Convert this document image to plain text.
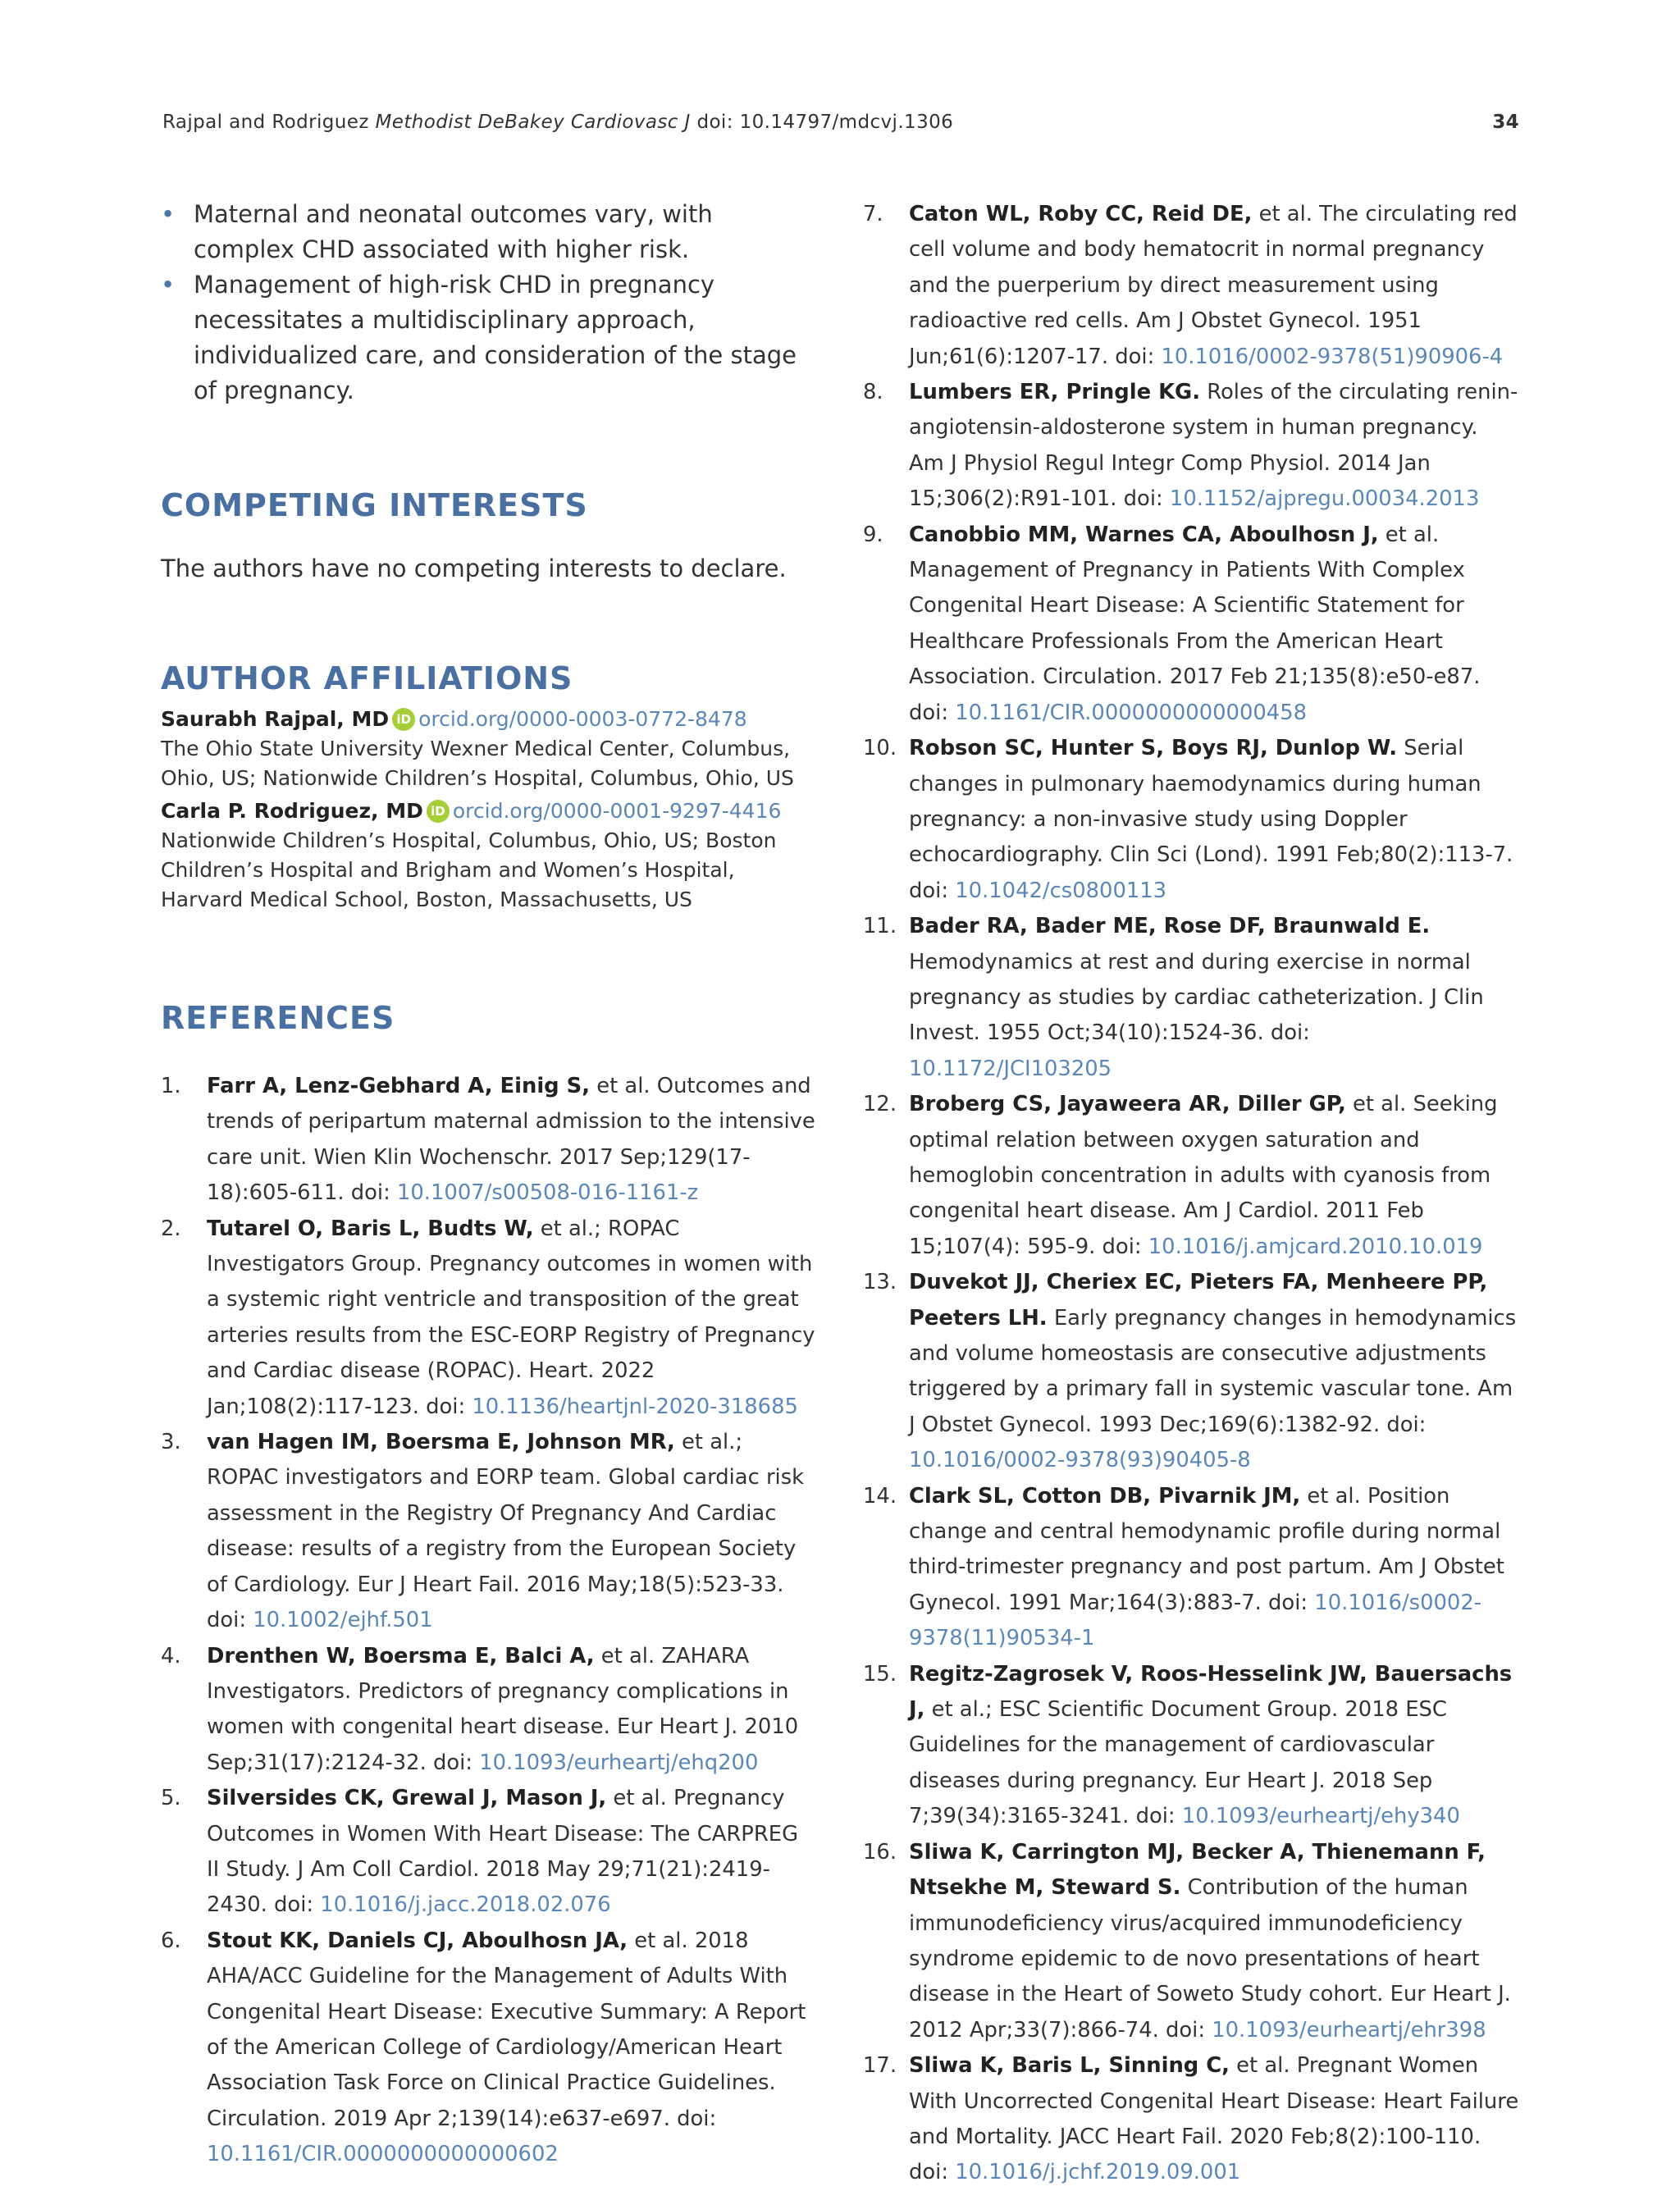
Rajpal and Rodriguez Methodist DeBakey Cardiovasc J doi: 10.14797/mdcvj.1306	34
• Maternal and neonatal outcomes vary, with complex CHD associated with higher risk.
• Management of high-risk CHD in pregnancy necessitates a multidisciplinary approach, individualized care, and consideration of the stage of pregnancy.
COMPETING INTERESTS
The authors have no competing interests to declare.
AUTHOR AFFILIATIONS
Saurabh Rajpal, MD iD orcid.org/0000-0003-0772-8478
The Ohio State University Wexner Medical Center, Columbus, Ohio, US; Nationwide Children’s Hospital, Columbus, Ohio, US
Carla P. Rodriguez, MD iD orcid.org/0000-0001-9297-4416
Nationwide Children’s Hospital, Columbus, Ohio, US; Boston Children’s Hospital and Brigham and Women’s Hospital, Harvard Medical School, Boston, Massachusetts, US
REFERENCES
1. Farr A, Lenz-Gebhard A, Einig S, et al. Outcomes and trends of peripartum maternal admission to the intensive care unit. Wien Klin Wochenschr. 2017 Sep;129(17-18):605-611. doi: 10.1007/s00508-016-1161-z
2. Tutarel O, Baris L, Budts W, et al.; ROPAC Investigators Group. Pregnancy outcomes in women with a systemic right ventricle and transposition of the great arteries results from the ESC-EORP Registry of Pregnancy and Cardiac disease (ROPAC). Heart. 2022 Jan;108(2):117-123. doi: 10.1136/heartjnl-2020-318685
3. van Hagen IM, Boersma E, Johnson MR, et al.; ROPAC investigators and EORP team. Global cardiac risk assessment in the Registry Of Pregnancy And Cardiac disease: results of a registry from the European Society of Cardiology. Eur J Heart Fail. 2016 May;18(5):523-33. doi: 10.1002/ejhf.501
4. Drenthen W, Boersma E, Balci A, et al. ZAHARA Investigators. Predictors of pregnancy complications in women with congenital heart disease. Eur Heart J. 2010 Sep;31(17):2124-32. doi: 10.1093/eurheartj/ehq200
5. Silversides CK, Grewal J, Mason J, et al. Pregnancy Outcomes in Women With Heart Disease: The CARPREG II Study. J Am Coll Cardiol. 2018 May 29;71(21):2419-2430. doi: 10.1016/j.jacc.2018.02.076
6. Stout KK, Daniels CJ, Aboulhosn JA, et al. 2018 AHA/ACC Guideline for the Management of Adults With Congenital Heart Disease: Executive Summary: A Report of the American College of Cardiology/American Heart Association Task Force on Clinical Practice Guidelines. Circulation. 2019 Apr 2;139(14):e637-e697. doi: 10.1161/CIR.0000000000000602
7. Caton WL, Roby CC, Reid DE, et al. The circulating red cell volume and body hematocrit in normal pregnancy and the puerperium by direct measurement using radioactive red cells. Am J Obstet Gynecol. 1951 Jun;61(6):1207-17. doi: 10.1016/0002-9378(51)90906-4
8. Lumbers ER, Pringle KG. Roles of the circulating renin-angiotensin-aldosterone system in human pregnancy. Am J Physiol Regul Integr Comp Physiol. 2014 Jan 15;306(2):R91-101. doi: 10.1152/ajpregu.00034.2013
9. Canobbio MM, Warnes CA, Aboulhosn J, et al. Management of Pregnancy in Patients With Complex Congenital Heart Disease: A Scientific Statement for Healthcare Professionals From the American Heart Association. Circulation. 2017 Feb 21;135(8):e50-e87. doi: 10.1161/CIR.0000000000000458
10. Robson SC, Hunter S, Boys RJ, Dunlop W. Serial changes in pulmonary haemodynamics during human pregnancy: a non-invasive study using Doppler echocardiography. Clin Sci (Lond). 1991 Feb;80(2):113-7. doi: 10.1042/cs0800113
11. Bader RA, Bader ME, Rose DF, Braunwald E. Hemodynamics at rest and during exercise in normal pregnancy as studies by cardiac catheterization. J Clin Invest. 1955 Oct;34(10):1524-36. doi: 10.1172/JCI103205
12. Broberg CS, Jayaweera AR, Diller GP, et al. Seeking optimal relation between oxygen saturation and hemoglobin concentration in adults with cyanosis from congenital heart disease. Am J Cardiol. 2011 Feb 15;107(4): 595-9. doi: 10.1016/j.amjcard.2010.10.019
13. Duvekot JJ, Cheriex EC, Pieters FA, Menheere PP, Peeters LH. Early pregnancy changes in hemodynamics and volume homeostasis are consecutive adjustments triggered by a primary fall in systemic vascular tone. Am J Obstet Gynecol. 1993 Dec;169(6):1382-92. doi: 10.1016/0002-9378(93)90405-8
14. Clark SL, Cotton DB, Pivarnik JM, et al. Position change and central hemodynamic profile during normal third-trimester pregnancy and post partum. Am J Obstet Gynecol. 1991 Mar;164(3):883-7. doi: 10.1016/s0002-9378(11)90534-1
15. Regitz-Zagrosek V, Roos-Hesselink JW, Bauersachs J, et al.; ESC Scientific Document Group. 2018 ESC Guidelines for the management of cardiovascular diseases during pregnancy. Eur Heart J. 2018 Sep 7;39(34):3165-3241. doi: 10.1093/eurheartj/ehy340
16. Sliwa K, Carrington MJ, Becker A, Thienemann F, Ntsekhe M, Steward S. Contribution of the human immunodeficiency virus/acquired immunodeficiency syndrome epidemic to de novo presentations of heart disease in the Heart of Soweto Study cohort. Eur Heart J. 2012 Apr;33(7):866-74. doi: 10.1093/eurheartj/ehr398
17. Sliwa K, Baris L, Sinning C, et al. Pregnant Women With Uncorrected Congenital Heart Disease: Heart Failure and Mortality. JACC Heart Fail. 2020 Feb;8(2):100-110. doi: 10.1016/j.jchf.2019.09.001
